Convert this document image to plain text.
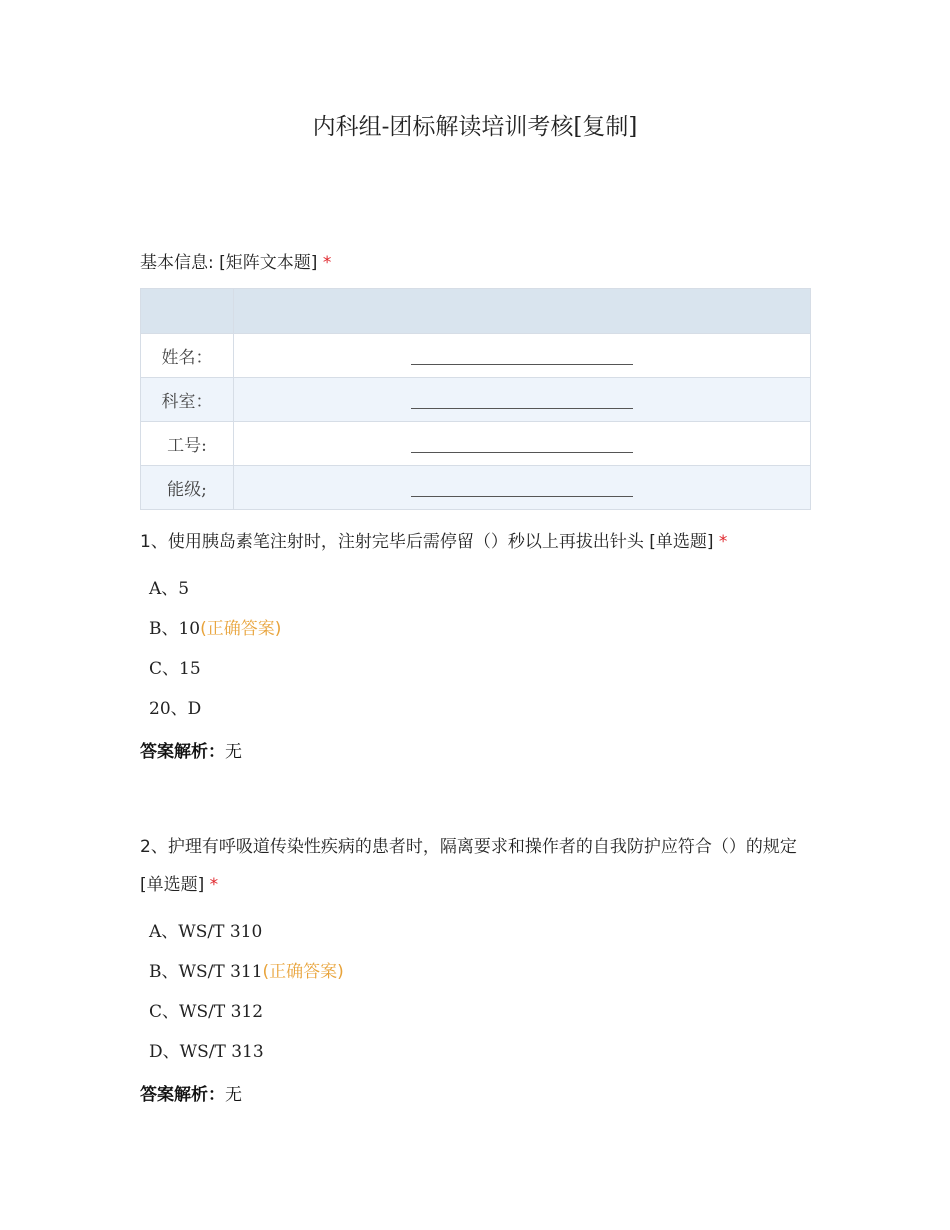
内科组-团标解读培训考核[复制]
基本信息: [矩阵文本题] *

姓名：	

科室：	

工号:	

能级;	
1、使用胰岛素笔注射时，注射完毕后需停留（）秒以上再拔出针头 [单选题] *
A、5
B、10(正确答案)
C、15
20、D
答案解析：无
2、护理有呼吸道传染性疾病的患者时，隔离要求和操作者的自我防护应符合（）的规定 [单选题] *
A、WS/T 310
B、WS/T 311(正确答案)
C、WS/T 312
D、WS/T 313
答案解析：无
